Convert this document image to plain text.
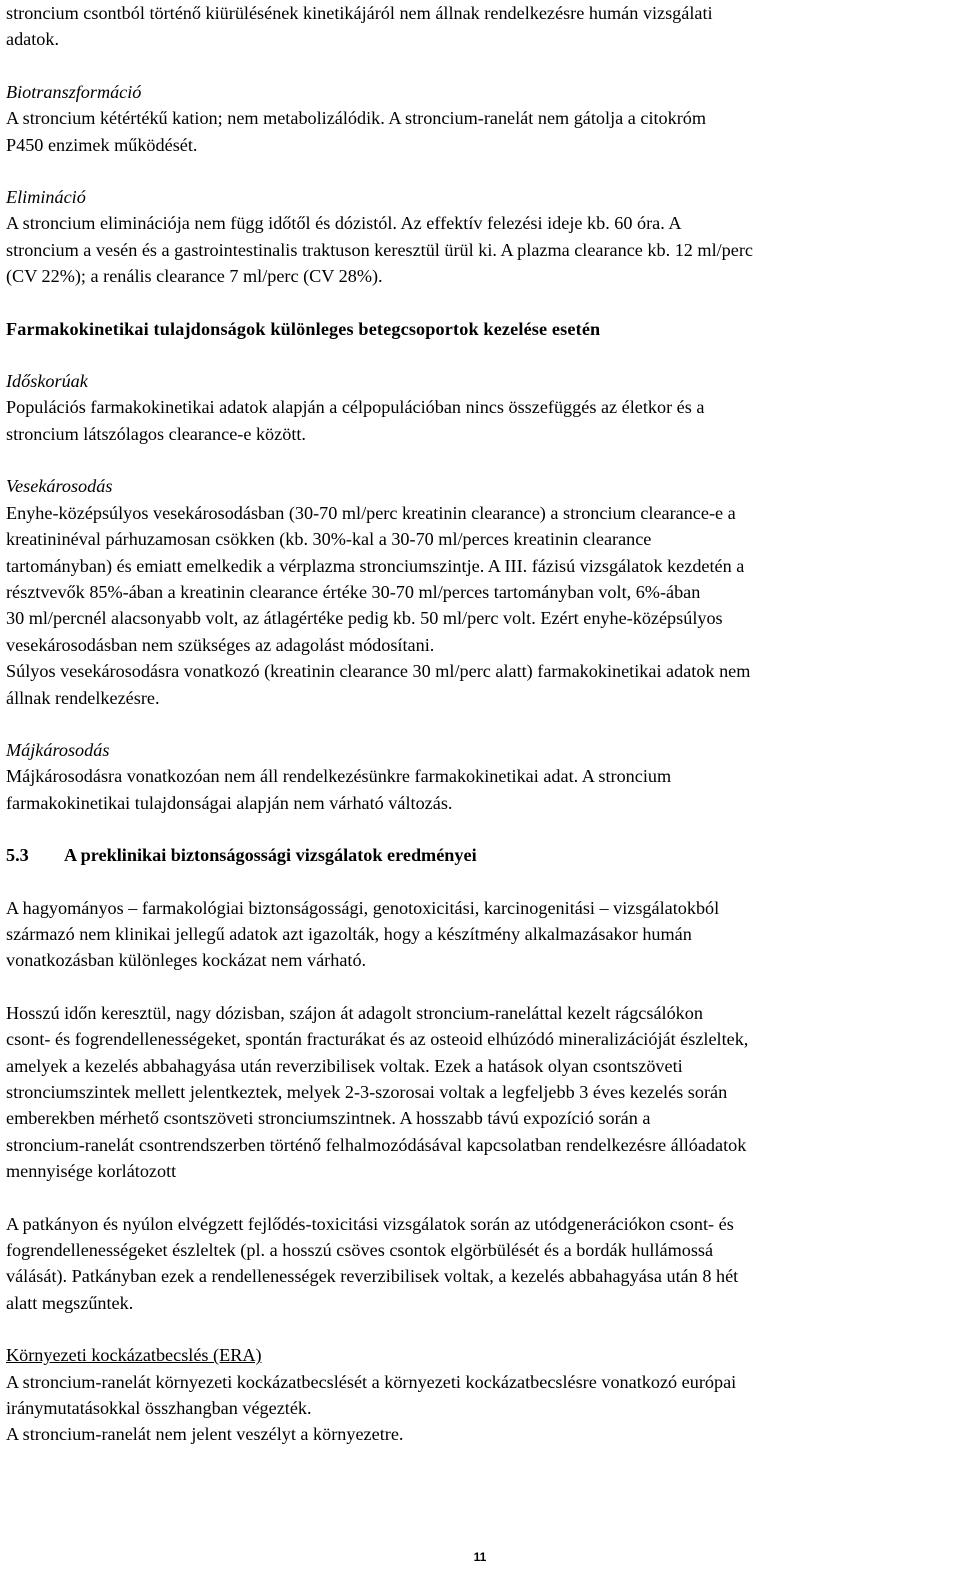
stroncium csontból történő kiürülésének kinetikájáról nem állnak rendelkezésre humán vizsgálati

adatok.

Biotranszformáció

A stroncium kétértékű kation; nem metabolizálódik. A stroncium-ranelát nem gátolja a citokróm

P450 enzimek működését.

Elimináció

A stroncium eliminációja nem függ időtől és dózistól. Az effektív felezési ideje kb. 60 óra. A

stroncium a vesén és a gastrointestinalis traktuson keresztül ürül ki. A plazma clearance kb. 12 ml/perc

(CV 22%); a renális clearance 7 ml/perc (CV 28%).

Farmakokinetikai tulajdonságok különleges betegcsoportok kezelése esetén

Időskorúak

Populációs farmakokinetikai adatok alapján a célpopulációban nincs összefüggés az életkor és a

stroncium látszólagos clearance-e között.

Vesekárosodás

Enyhe-középsúlyos vesekárosodásban (30-70 ml/perc kreatinin clearance) a stroncium clearance-e a

kreatininéval párhuzamosan csökken (kb. 30%-kal a 30-70 ml/perces kreatinin clearance

tartományban) és emiatt emelkedik a vérplazma stronciumszintje. A III. fázisú vizsgálatok kezdetén a

résztvevők 85%-ában a kreatinin clearance értéke 30-70 ml/perces tartományban volt, 6%-ában

30 ml/percnél alacsonyabb volt, az átlagértéke pedig kb. 50 ml/perc volt. Ezért enyhe-középsúlyos

vesekárosodásban nem szükséges az adagolást módosítani.

Súlyos vesekárosodásra vonatkozó (kreatinin clearance 30 ml/perc alatt) farmakokinetikai adatok nem

állnak rendelkezésre.

Májkárosodás

Májkárosodásra vonatkozóan nem áll rendelkezésünkre farmakokinetikai adat. A stroncium

farmakokinetikai tulajdonságai alapján nem várható változás.

5.3	A preklinikai biztonságossági vizsgálatok eredményei

A hagyományos – farmakológiai biztonságossági, genotoxicitási, karcinogenitási – vizsgálatokból

származó nem klinikai jellegű adatok azt igazolták, hogy a készítmény alkalmazásakor humán

vonatkozásban különleges kockázat nem várható.

Hosszú időn keresztül, nagy dózisban, szájon át adagolt stroncium-raneláttal kezelt rágcsálókon

csont- és fogrendellenességeket, spontán fracturákat és az osteoid elhúzódó mineralizációját észleltek,

amelyek a kezelés abbahagyása után reverzibilisek voltak. Ezek a hatások olyan csontszöveti

stronciumszintek mellett jelentkeztek, melyek 2-3-szorosai voltak a legfeljebb 3 éves kezelés során

emberekben mérhető csontszöveti stronciumszintnek. A hosszabb távú expozíció során a

stroncium-ranelát csontrendszerben történő felhalmozódásával kapcsolatban rendelkezésre állóadatok

mennyisége korlátozott

A patkányon és nyúlon elvégzett fejlődés-toxicitási vizsgálatok során az utódgenerációkon csont- és

fogrendellenességeket észleltek (pl. a hosszú csöves csontok elgörbülését és a bordák hullámossá

válását). Patkányban ezek a rendellenességek reverzibilisek voltak, a kezelés abbahagyása után 8 hét

alatt megszűntek.

Környezeti kockázatbecslés (ERA)

A stroncium-ranelát környezeti kockázatbecslését a környezeti kockázatbecslésre vonatkozó európai

iránymutatásokkal összhangban végezték.

A stroncium-ranelát nem jelent veszélyt a környezetre.

11
